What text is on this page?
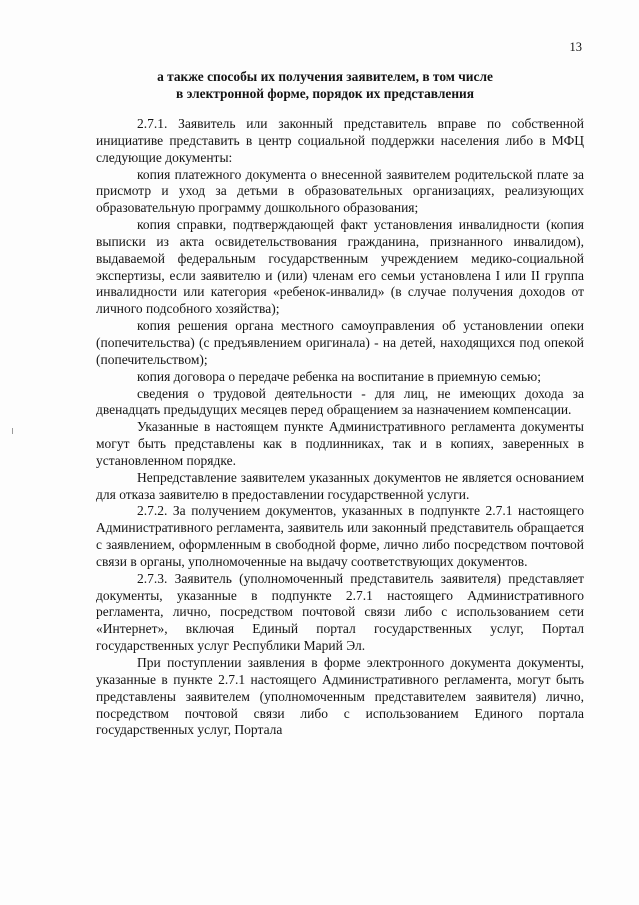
13
а также способы их получения заявителем, в том числе
в электронной форме, порядок их представления

2.7.1. Заявитель или законный представитель вправе по собственной инициативе представить в центр социальной поддержки населения либо в МФЦ следующие документы:

копия платежного документа о внесенной заявителем родительской плате за присмотр и уход за детьми в образовательных организациях, реализующих образовательную программу дошкольного образования;

копия справки, подтверждающей факт установления инвалидности (копия выписки из акта освидетельствования гражданина, признанного инвалидом), выдаваемой федеральным государственным учреждением медико-социальной экспертизы, если заявителю и (или) членам его семьи установлена I или II группа инвалидности или категория «ребенок-инвалид» (в случае получения доходов от личного подсобного хозяйства);

копия решения органа местного самоуправления об установлении опеки (попечительства) (с предъявлением оригинала) - на детей, находящихся под опекой (попечительством);

копия договора о передаче ребенка на воспитание в приемную семью;

сведения о трудовой деятельности - для лиц, не имеющих дохода за двенадцать предыдущих месяцев перед обращением за назначением компенсации.

Указанные в настоящем пункте Административного регламента документы могут быть представлены как в подлинниках, так и в копиях, заверенных в установленном порядке.

Непредставление заявителем указанных документов не является основанием для отказа заявителю в предоставлении государственной услуги.

2.7.2. За получением документов, указанных в подпункте 2.7.1 настоящего Административного регламента, заявитель или законный представитель обращается с заявлением, оформленным в свободной форме, лично либо посредством почтовой связи в органы, уполномоченные на выдачу соответствующих документов.

2.7.3. Заявитель (уполномоченный представитель заявителя) представляет документы, указанные в подпункте 2.7.1 настоящего Административного регламента, лично, посредством почтовой связи либо с использованием сети «Интернет», включая Единый портал государственных услуг, Портал государственных услуг Республики Марий Эл.

При поступлении заявления в форме электронного документа документы, указанные в пункте 2.7.1 настоящего Административного регламента, могут быть представлены заявителем (уполномоченным представителем заявителя) лично, посредством почтовой связи либо с использованием Единого портала государственных услуг, Портала
